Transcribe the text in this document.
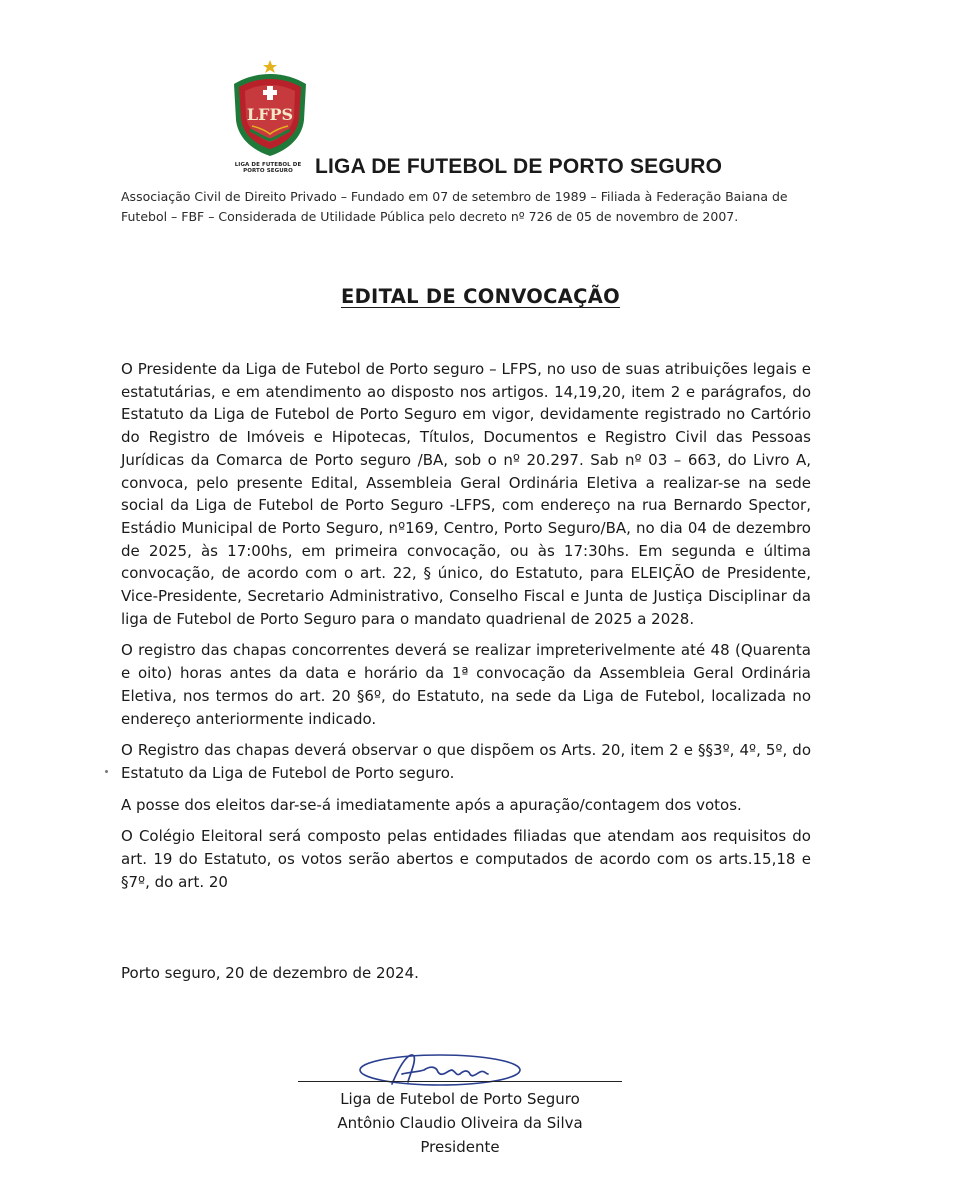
LFPS
LIGA DE FUTEBOL DE PORTO SEGURO	LIGA DE FUTEBOL DE PORTO SEGURO
Associação Civil de Direito Privado – Fundado em 07 de setembro de 1989 – Filiada à Federação Baiana de Futebol – FBF – Considerada de Utilidade Pública pelo decreto nº 726 de 05 de novembro de 2007.
EDITAL DE CONVOCAÇÃO

O Presidente da Liga de Futebol de Porto seguro – LFPS, no uso de suas atribuições legais e estatutárias, e em atendimento ao disposto nos artigos. 14,19,20, item 2 e parágrafos, do Estatuto da Liga de Futebol de Porto Seguro em vigor, devidamente registrado no Cartório do Registro de Imóveis e Hipotecas, Títulos, Documentos e Registro Civil das Pessoas Jurídicas da Comarca de Porto seguro /BA, sob o nº 20.297. Sab nº 03 – 663, do Livro A, convoca, pelo presente Edital, Assembleia Geral Ordinária Eletiva a realizar-se na sede social da Liga de Futebol de Porto Seguro -LFPS, com endereço na rua Bernardo Spector, Estádio Municipal de Porto Seguro, nº169, Centro, Porto Seguro/BA, no dia 04 de dezembro de 2025, às 17:00hs, em primeira convocação, ou às 17:30hs. Em segunda e última convocação, de acordo com o art. 22, § único, do Estatuto, para ELEIÇÃO de Presidente, Vice-Presidente, Secretario Administrativo, Conselho Fiscal e Junta de Justiça Disciplinar da liga de Futebol de Porto Seguro para o mandato quadrienal de 2025 a 2028.

O registro das chapas concorrentes deverá se realizar impreterivelmente até 48 (Quarenta e oito) horas antes da data e horário da 1ª convocação da Assembleia Geral Ordinária Eletiva, nos termos do art. 20 §6º, do Estatuto, na sede da Liga de Futebol, localizada no endereço anteriormente indicado.

O Registro das chapas deverá observar o que dispõem os Arts. 20, item 2 e §§3º, 4º, 5º, do Estatuto da Liga de Futebol de Porto seguro.

A posse dos eleitos dar-se-á imediatamente após a apuração/contagem dos votos.

O Colégio Eleitoral será composto pelas entidades filiadas que atendam aos requisitos do art. 19 do Estatuto, os votos serão abertos e computados de acordo com os arts.15,18 e §7º, do art. 20

Porto seguro, 20 de dezembro de 2024.
Liga de Futebol de Porto Seguro
Antônio Claudio Oliveira da Silva
Presidente
